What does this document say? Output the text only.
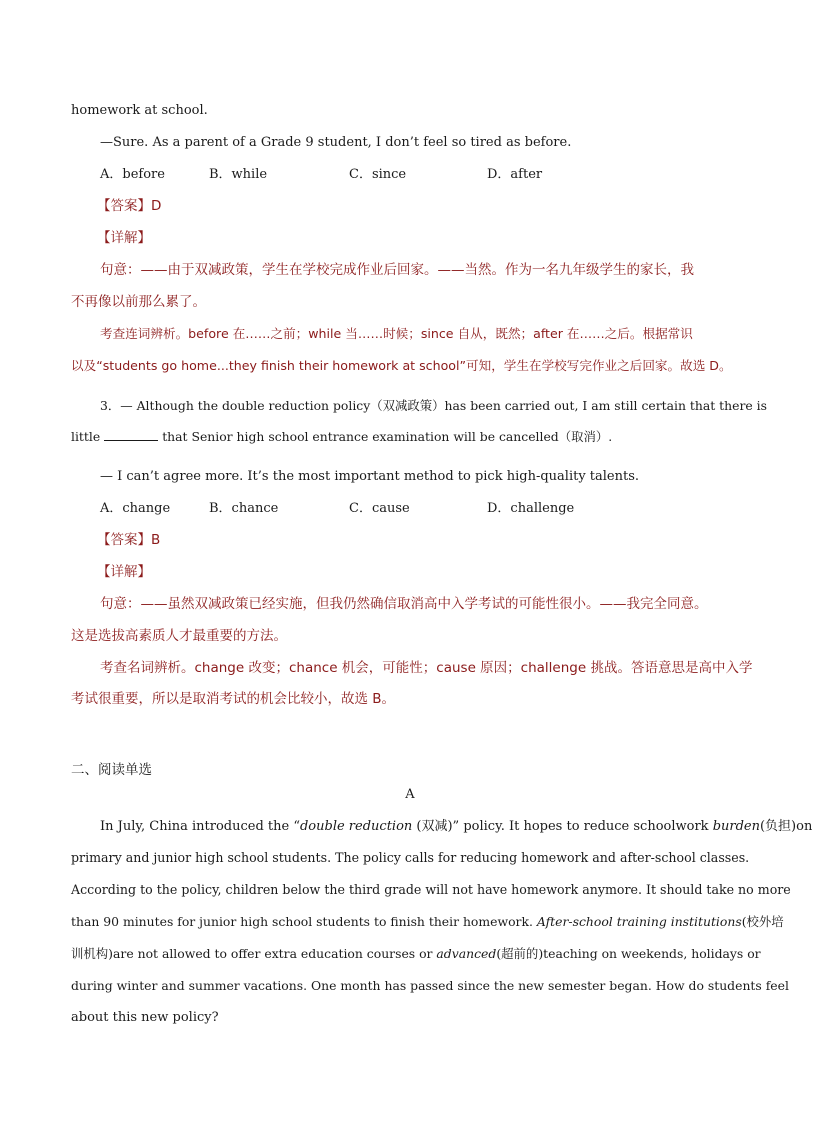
homework at school.
—Sure. As a parent of a Grade 9 student, I don’t feel so tired as before.
A．before	B．while	C．since	D．after
【答案】D
【详解】
句意：——由于双减政策，学生在学校完成作业后回家。——当然。作为一名九年级学生的家长，我
不再像以前那么累了。
考查连词辨析。before 在……之前；while 当……时候；since 自从，既然；after 在……之后。根据常识
以及“students go home...they finish their homework at school”可知，学生在学校写完作业之后回家。故选 D。
3．— Although the double reduction policy（双减政策）has been carried out, I am still certain that there is
little	that Senior high school entrance examination will be cancelled（取消）.
— I can’t agree more. It’s the most important method to pick high-quality talents.
A．change	B．chance	C．cause	D．challenge
【答案】B
【详解】
句意：——虽然双减政策已经实施，但我仍然确信取消高中入学考试的可能性很小。——我完全同意。
这是选拔高素质人才最重要的方法。
考查名词辨析。change 改变；chance 机会，可能性；cause 原因；challenge 挑战。答语意思是高中入学
考试很重要，所以是取消考试的机会比较小，故选 B。
二、阅读单选
A
In July, China introduced the “double reduction (双减)” policy. It hopes to reduce schoolwork burden(负担)on
primary and junior high school students. The policy calls for reducing homework and after-school classes.
According to the policy, children below the third grade will not have homework anymore. It should take no more
than 90 minutes for junior high school students to finish their homework. After-school training institutions(校外培
训机构)are not allowed to offer extra education courses or advanced(超前的)teaching on weekends, holidays or
during winter and summer vacations. One month has passed since the new semester began. How do students feel
about this new policy?
